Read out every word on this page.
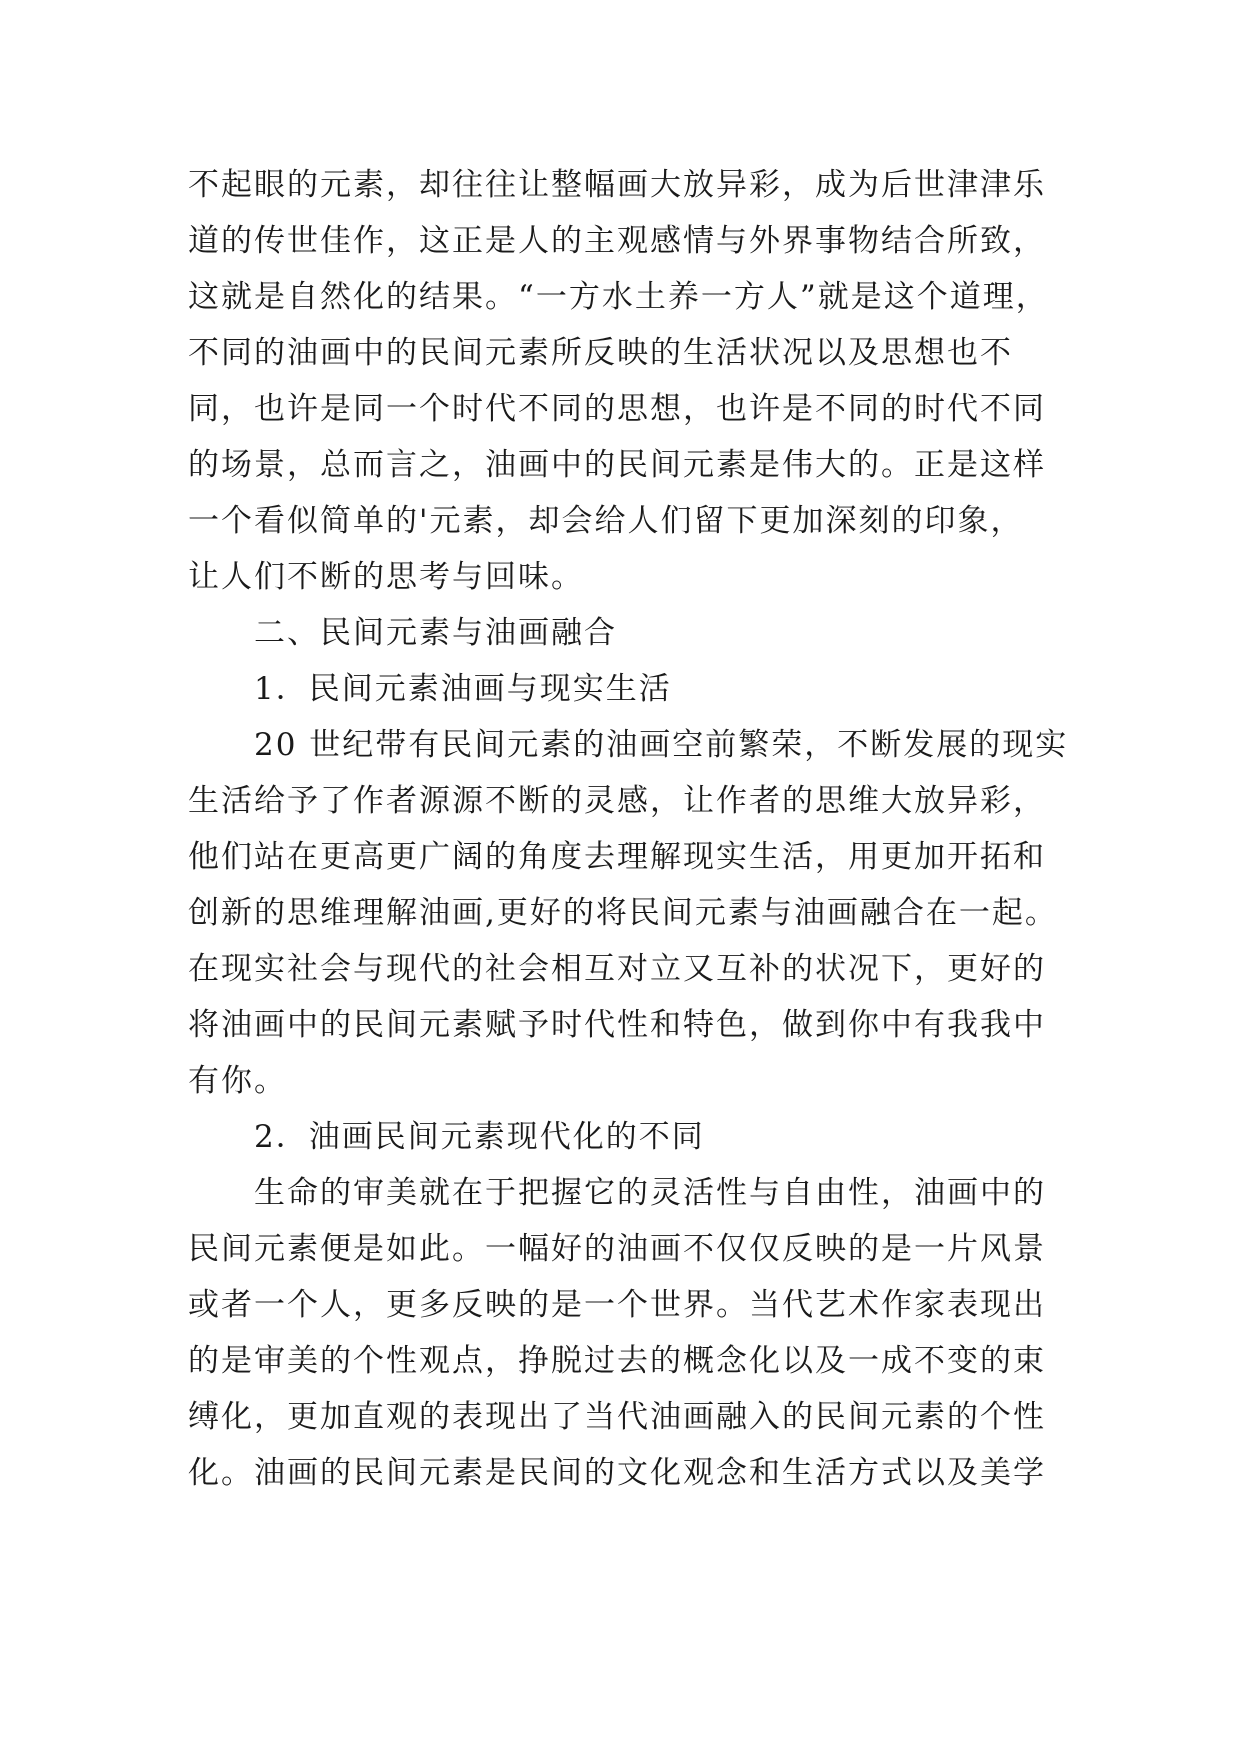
不起眼的元素，却往往让整幅画大放异彩，成为后世津津乐
道的传世佳作，这正是人的主观感情与外界事物结合所致，
这就是自然化的结果。“一方水土养一方人”就是这个道理，
不同的油画中的民间元素所反映的生活状况以及思想也不
同，也许是同一个时代不同的思想，也许是不同的时代不同
的场景，总而言之，油画中的民间元素是伟大的。正是这样
一个看似简单的'元素，却会给人们留下更加深刻的印象，
让人们不断的思考与回味。
二、民间元素与油画融合
1．民间元素油画与现实生活
20 世纪带有民间元素的油画空前繁荣，不断发展的现实
生活给予了作者源源不断的灵感，让作者的思维大放异彩，
他们站在更高更广阔的角度去理解现实生活，用更加开拓和
创新的思维理解油画,更好的将民间元素与油画融合在一起。
在现实社会与现代的社会相互对立又互补的状况下，更好的
将油画中的民间元素赋予时代性和特色，做到你中有我我中
有你。
2．油画民间元素现代化的不同
生命的审美就在于把握它的灵活性与自由性，油画中的
民间元素便是如此。一幅好的油画不仅仅反映的是一片风景
或者一个人，更多反映的是一个世界。当代艺术作家表现出
的是审美的个性观点，挣脱过去的概念化以及一成不变的束
缚化，更加直观的表现出了当代油画融入的民间元素的个性
化。油画的民间元素是民间的文化观念和生活方式以及美学
